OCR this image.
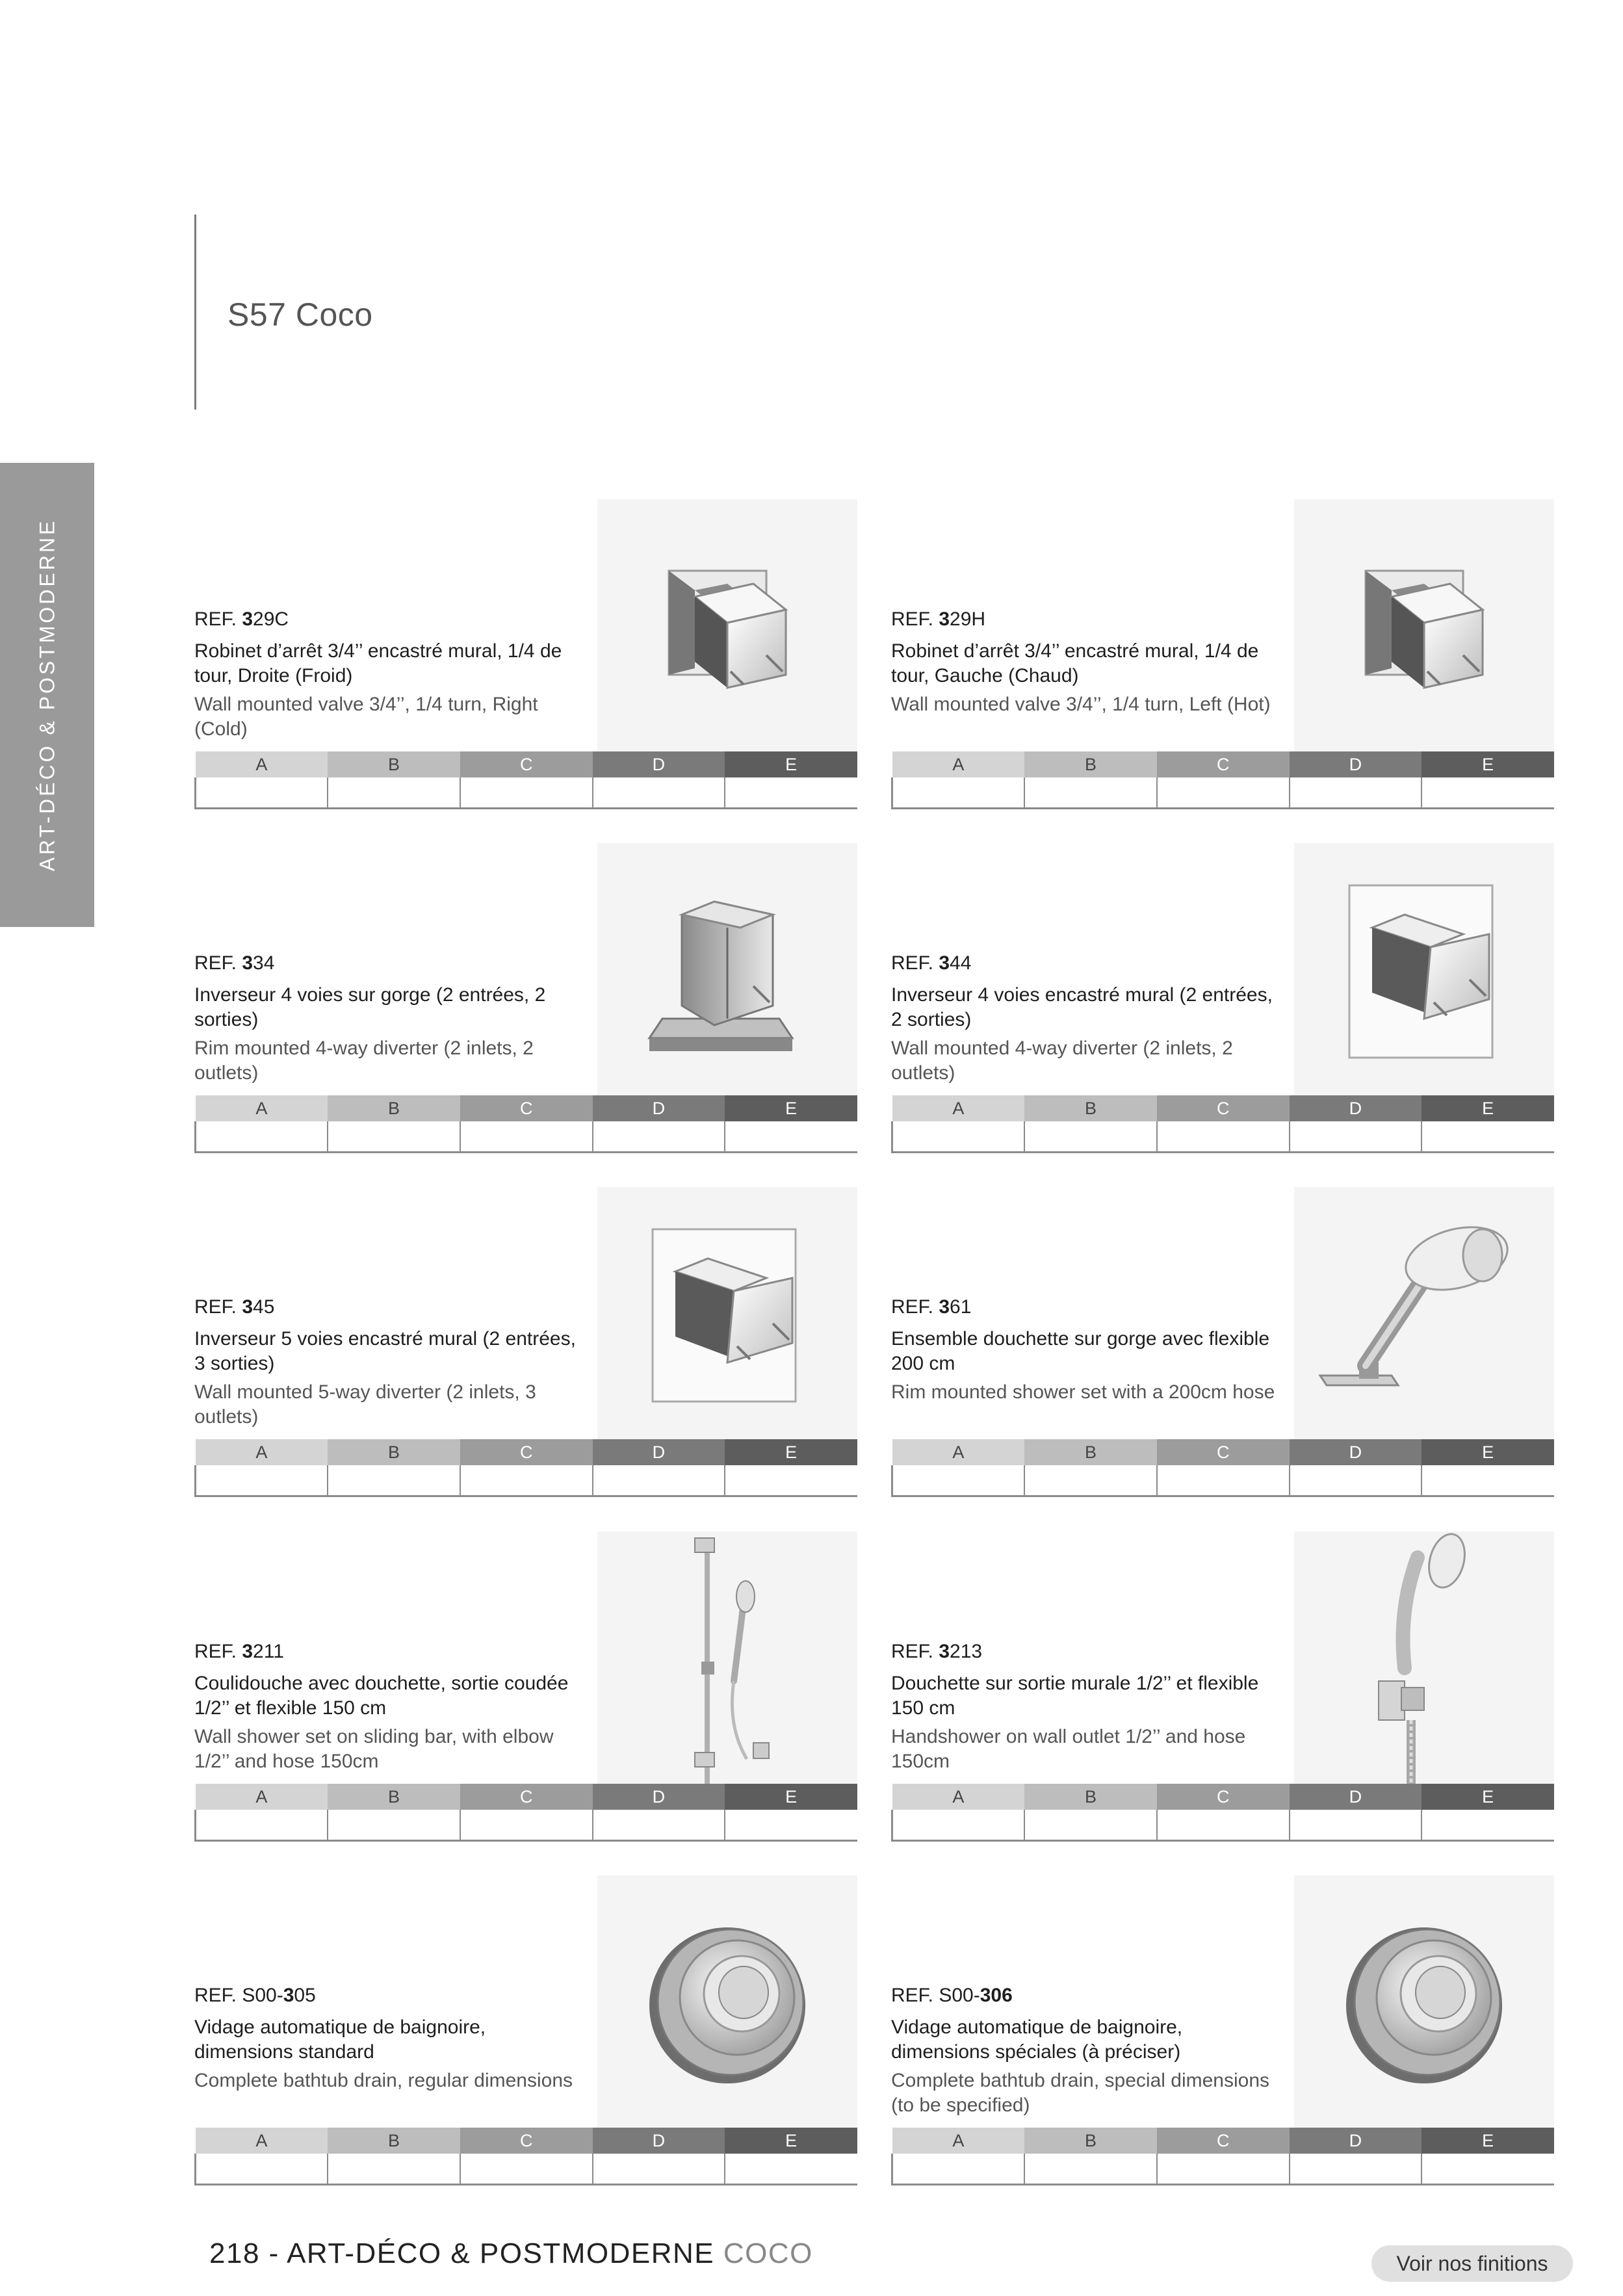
S57 Coco
ART-DÉCO & POSTMODERNE	REF. 329C
Robinet d’arrêt 3/4’’ encastré mural, 1/4 de tour, Droite (Froid)
Wall mounted valve 3/4’’, 1/4 turn, Right (Cold)
A	B	C	D	E

REF. 329H
Robinet d’arrêt 3/4’’ encastré mural, 1/4 de tour, Gauche (Chaud)
Wall mounted valve 3/4’’, 1/4 turn, Left (Hot)
A	B	C	D	E

REF. 334
Inverseur 4 voies sur gorge (2 entrées, 2 sorties)
Rim mounted 4-way diverter (2 inlets, 2 outlets)
A	B	C	D	E

REF. 344
Inverseur 4 voies encastré mural (2 entrées, 2 sorties)
Wall mounted 4-way diverter (2 inlets, 2 outlets)
A	B	C	D	E

REF. 345
Inverseur 5 voies encastré mural (2 entrées, 3 sorties)
Wall mounted 5-way diverter (2 inlets, 3 outlets)
A	B	C	D	E

REF. 361
Ensemble douchette sur gorge avec flexible 200 cm
Rim mounted shower set with a 200cm hose
A	B	C	D	E

REF. 3211
Coulidouche avec douchette, sortie coudée 1/2’’ et flexible 150 cm
Wall shower set on sliding bar, with elbow 1/2’’ and hose 150cm
A	B	C	D	E

REF. 3213
Douchette sur sortie murale 1/2’’ et flexible 150 cm
Handshower on wall outlet 1/2’’ and hose 150cm
A	B	C	D	E

REF. S00-305
Vidage automatique de baignoire, dimensions standard
Complete bathtub drain, regular dimensions
A	B	C	D	E

REF. S00-306
Vidage automatique de baignoire, dimensions spéciales (à préciser)
Complete bathtub drain, special dimensions (to be specified)
A	B	C	D	E

218 - ART-DÉCO & POSTMODERNE COCO	Voir nos finitions
